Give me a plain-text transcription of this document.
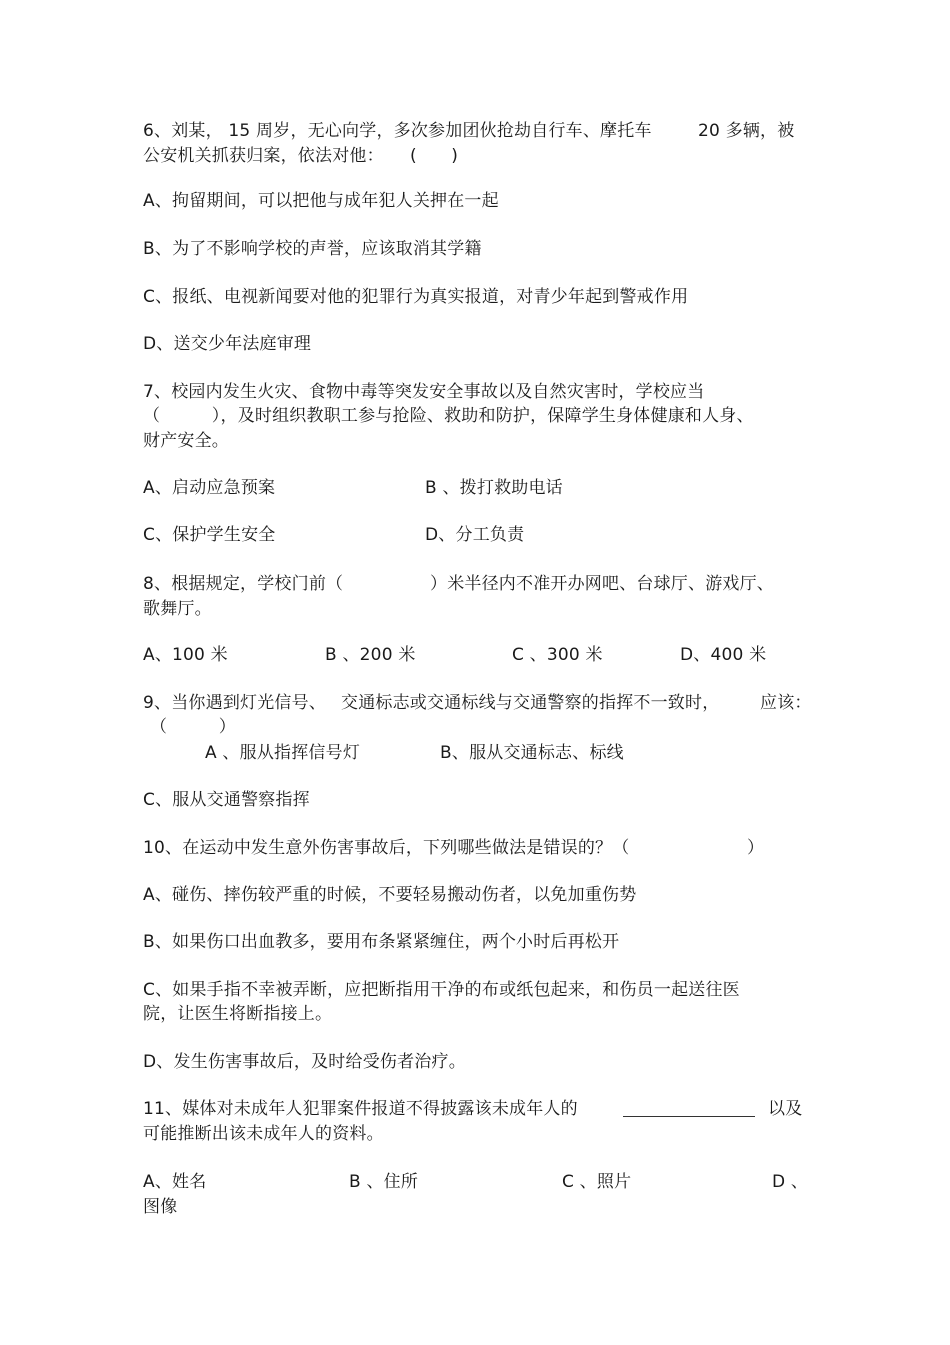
6、刘某， 15 周岁，无心向学，多次参加团伙抢劫自行车、摩托车	20 多辆，被

公安机关抓获归案，依法对他： (　　)

A、拘留期间，可以把他与成年犯人关押在一起

B、为了不影响学校的声誉，应该取消其学籍

C、报纸、电视新闻要对他的犯罪行为真实报道，对青少年起到警戒作用

D、送交少年法庭审理

7、校园内发生火灾、食物中毒等突发安全事故以及自然灾害时，学校应当

（　　　），及时组织教职工参与抢险、救助和防护，保障学生身体健康和人身、

财产安全。

A、启动应急预案	B 、拨打救助电话

C、保护学生安全	D、分工负责

8、根据规定，学校门前（	）米半径内不准开办网吧、台球厅、游戏厅、

歌舞厅。

A、100 米	B 、200 米	C 、300 米	D、400 米

9、当你遇到灯光信号、 交通标志或交通标线与交通警察的指挥不一致时， 应该：

（　　　）

A 、服从指挥信号灯	B、服从交通标志、标线

C、服从交通警察指挥

10、在运动中发生意外伤害事故后，下列哪些做法是错误的？（	）

A、碰伤、摔伤较严重的时候，不要轻易搬动伤者，以免加重伤势

B、如果伤口出血教多，要用布条紧紧缠住，两个小时后再松开

C、如果手指不幸被弄断，应把断指用干净的布或纸包起来，和伤员一起送往医

院，让医生将断指接上。

D、发生伤害事故后，及时给受伤者治疗。

11、媒体对未成年人犯罪案件报道不得披露该未成年人的	以及

可能推断出该未成年人的资料。

A、姓名	B 、住所	C 、照片	D 、

图像
